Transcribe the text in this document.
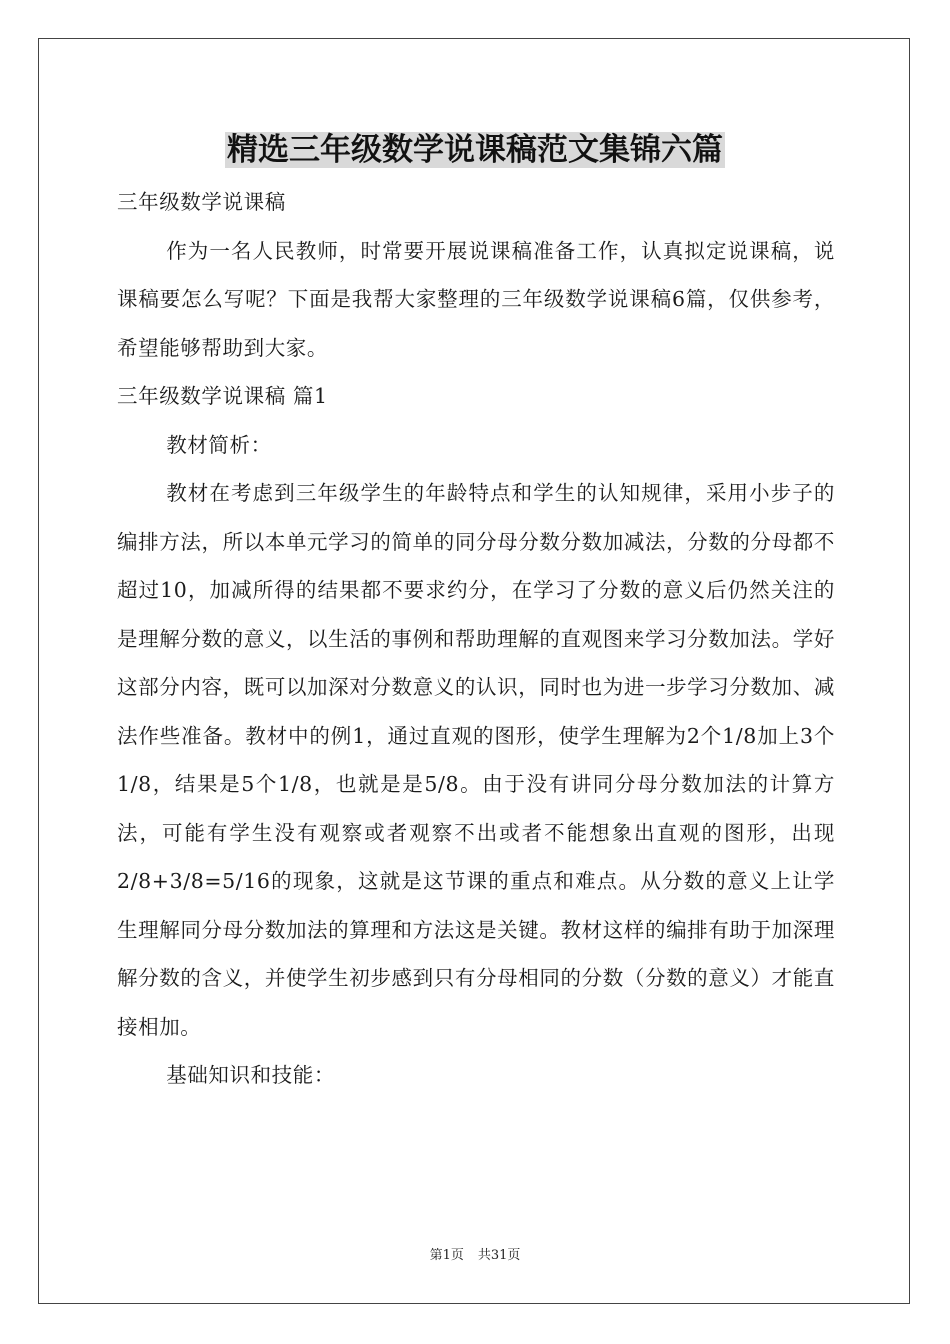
精选三年级数学说课稿范文集锦六篇

三年级数学说课稿

作为一名人民教师，时常要开展说课稿准备工作，认真拟定说课稿，说课稿要怎么写呢？下面是我帮大家整理的三年级数学说课稿6篇，仅供参考，希望能够帮助到大家。

三年级数学说课稿 篇1

教材简析：

教材在考虑到三年级学生的年龄特点和学生的认知规律，采用小步子的编排方法，所以本单元学习的简单的同分母分数分数加减法，分数的分母都不超过10，加减所得的结果都不要求约分，在学习了分数的意义后仍然关注的是理解分数的意义，以生活的事例和帮助理解的直观图来学习分数加法。学好这部分内容，既可以加深对分数意义的认识，同时也为进一步学习分数加、减法作些准备。教材中的例1，通过直观的图形，使学生理解为2个1/8加上3个1/8，结果是5个1/8，也就是是5/8。由于没有讲同分母分数加法的计算方法，可能有学生没有观察或者观察不出或者不能想象出直观的图形，出现2/8+3/8=5/16的现象，这就是这节课的重点和难点。从分数的意义上让学生理解同分母分数加法的算理和方法这是关键。教材这样的编排有助于加深理解分数的含义，并使学生初步感到只有分母相同的分数（分数的意义）才能直接相加。

基础知识和技能：

第1页 共31页
